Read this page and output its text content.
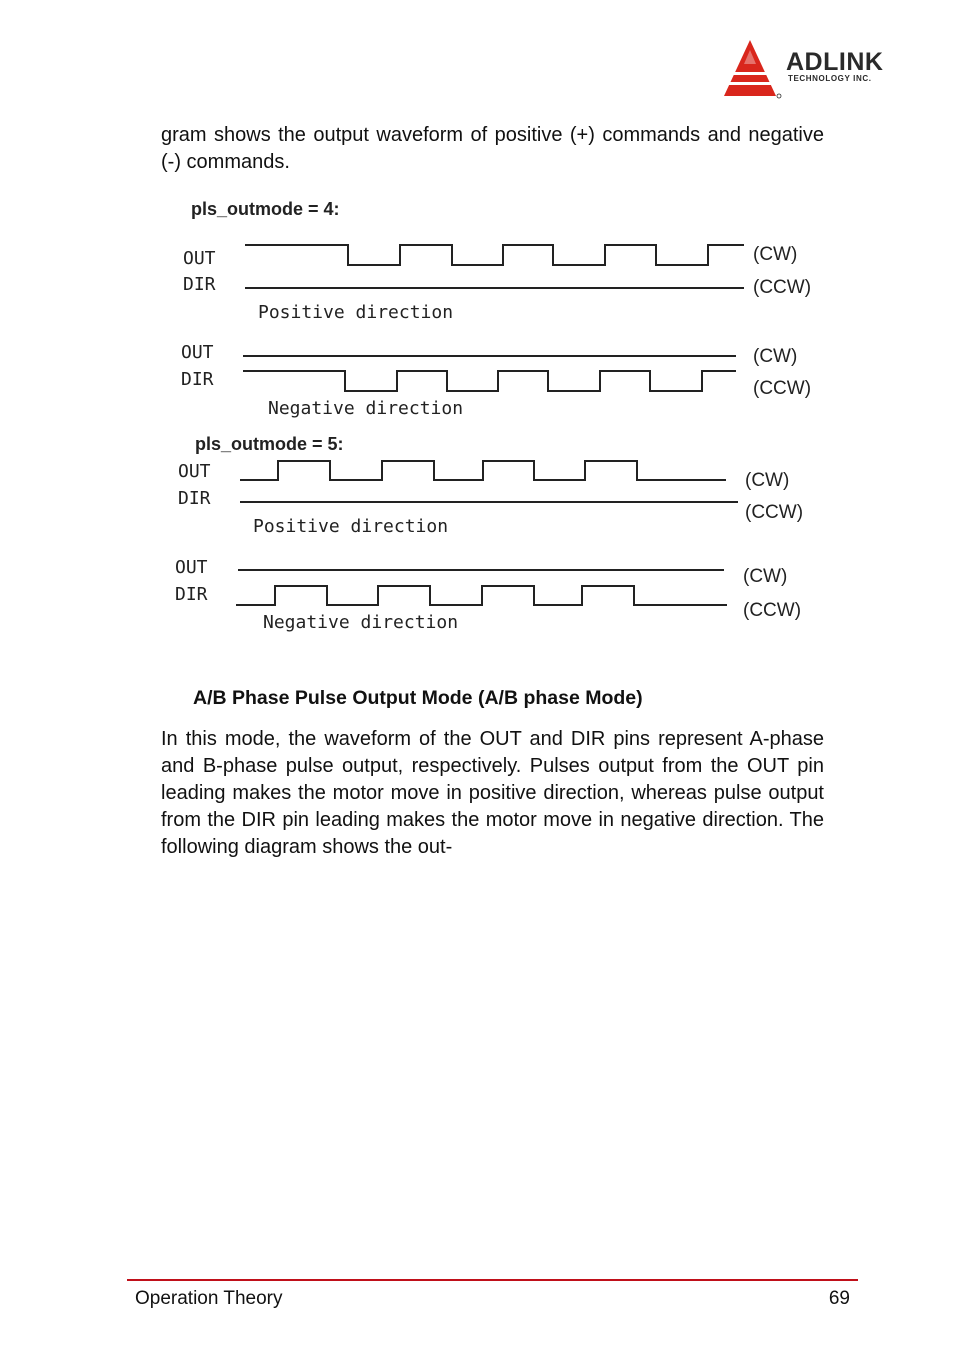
ADLINK
TECHNOLOGY INC.

gram shows the output waveform of positive (+) commands and negative (-) commands.

pls_outmode = 4:
OUT
DIR
(CW)
(CCW)
Positive direction
OUT
DIR
(CW)
(CCW)
Negative direction
pls_outmode = 5:
OUT
DIR
(CW)
(CCW)
Positive direction
OUT
DIR
(CW)
(CCW)
Negative direction
A/B Phase Pulse Output Mode (A/B phase Mode)

In this mode, the waveform of the OUT and DIR pins represent A-phase and B-phase pulse output, respectively. Pulses output from the OUT pin leading makes the motor move in positive direction, whereas pulse output from the DIR pin leading makes the motor move in negative direction. The following diagram shows the out-

Operation Theory	69
